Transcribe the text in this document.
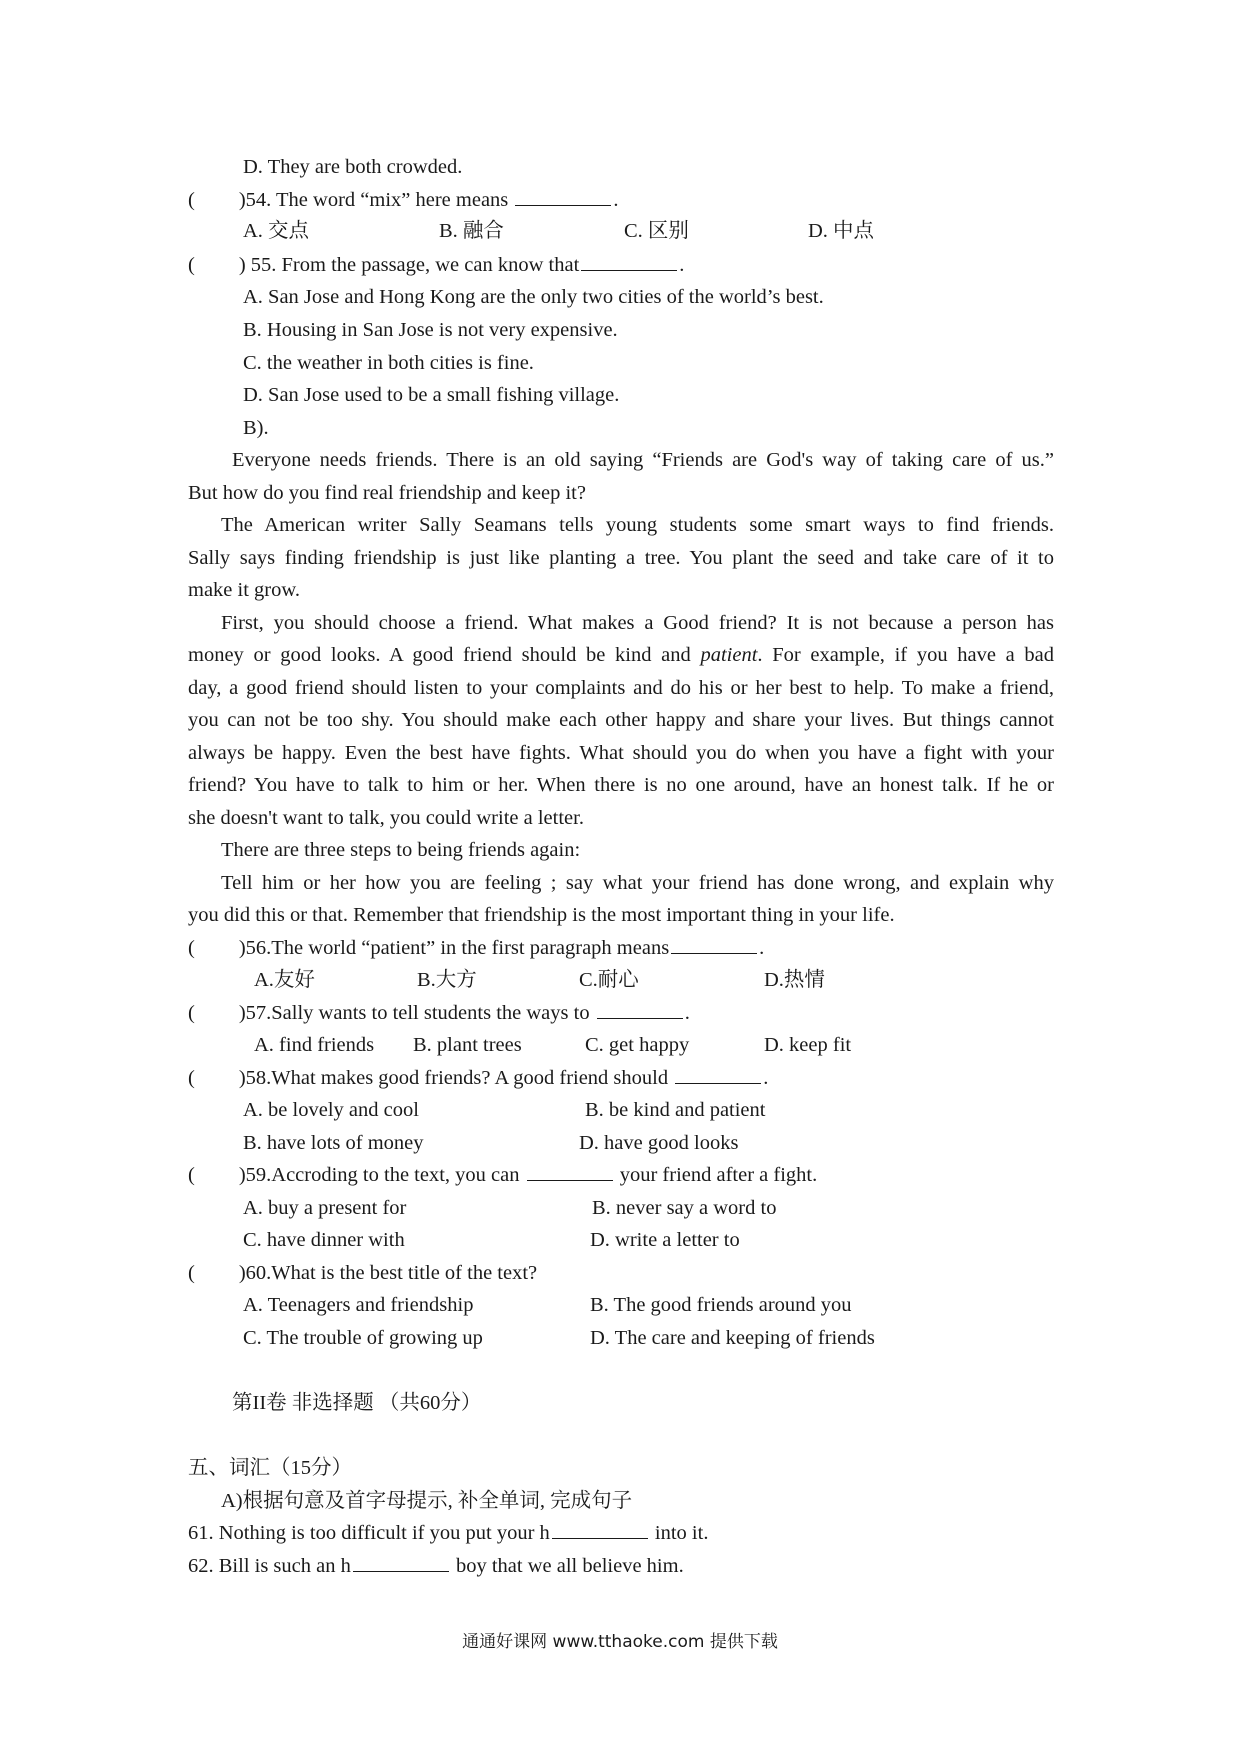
D. They are both crowded.
( )54. The word “mix” here means	.
A. 交点	B. 融合	C. 区别	D. 中点
( ) 55. From the passage, we can know that	.
A. San Jose and Hong Kong are the only two cities of the world’s best.
B. Housing in San Jose is not very expensive.
C. the weather in both cities is fine.
D. San Jose used to be a small fishing village.
B).
Everyone needs friends. There is an old saying “Friends are God's way of taking care of us.”
But how do you find real friendship and keep it?
The American writer Sally Seamans tells young students some smart ways to find friends.
Sally says finding friendship is just like planting a tree. You plant the seed and take care of it to
make it grow.
First, you should choose a friend. What makes a Good friend? It is not because a person has
money or good looks. A good friend should be kind and patient. For example, if you have a bad
day, a good friend should listen to your complaints and do his or her best to help. To make a friend,
you can not be too shy. You should make each other happy and share your lives. But things cannot
always be happy. Even the best have fights. What should you do when you have a fight with your
friend? You have to talk to him or her. When there is no one around, have an honest talk. If he or
she doesn't want to talk, you could write a letter.
There are three steps to being friends again:
Tell him or her how you are feeling ; say what your friend has done wrong, and explain why
you did this or that. Remember that friendship is the most important thing in your life.
( )56.The world “patient” in the first paragraph means	.
A.友好	B.大方	C.耐心	D.热情
( )57.Sally wants to tell students the ways to	.
A. find friends B. plant trees	C. get happy	D. keep fit
( )58.What makes good friends? A good friend should	.
A. be lovely and cool	B. be kind and patient
B. have lots of money	D. have good looks
( )59.Accroding to the text, you can	your friend after a fight.
A. buy a present for	B. never say a word to
C. have dinner with	D. write a letter to
( )60.What is the best title of the text?
A. Teenagers and friendship	B. The good friends around you
C. The trouble of growing up	D. The care and keeping of friends
第II卷 非选择题 （共60分）
五、词汇（15分）
A)根据句意及首字母提示, 补全单词, 完成句子
61. Nothing is too difficult if you put your h	into it.
62. Bill is such an h	boy that we all believe him.
通通好课网 www.tthaoke.com 提供下载
